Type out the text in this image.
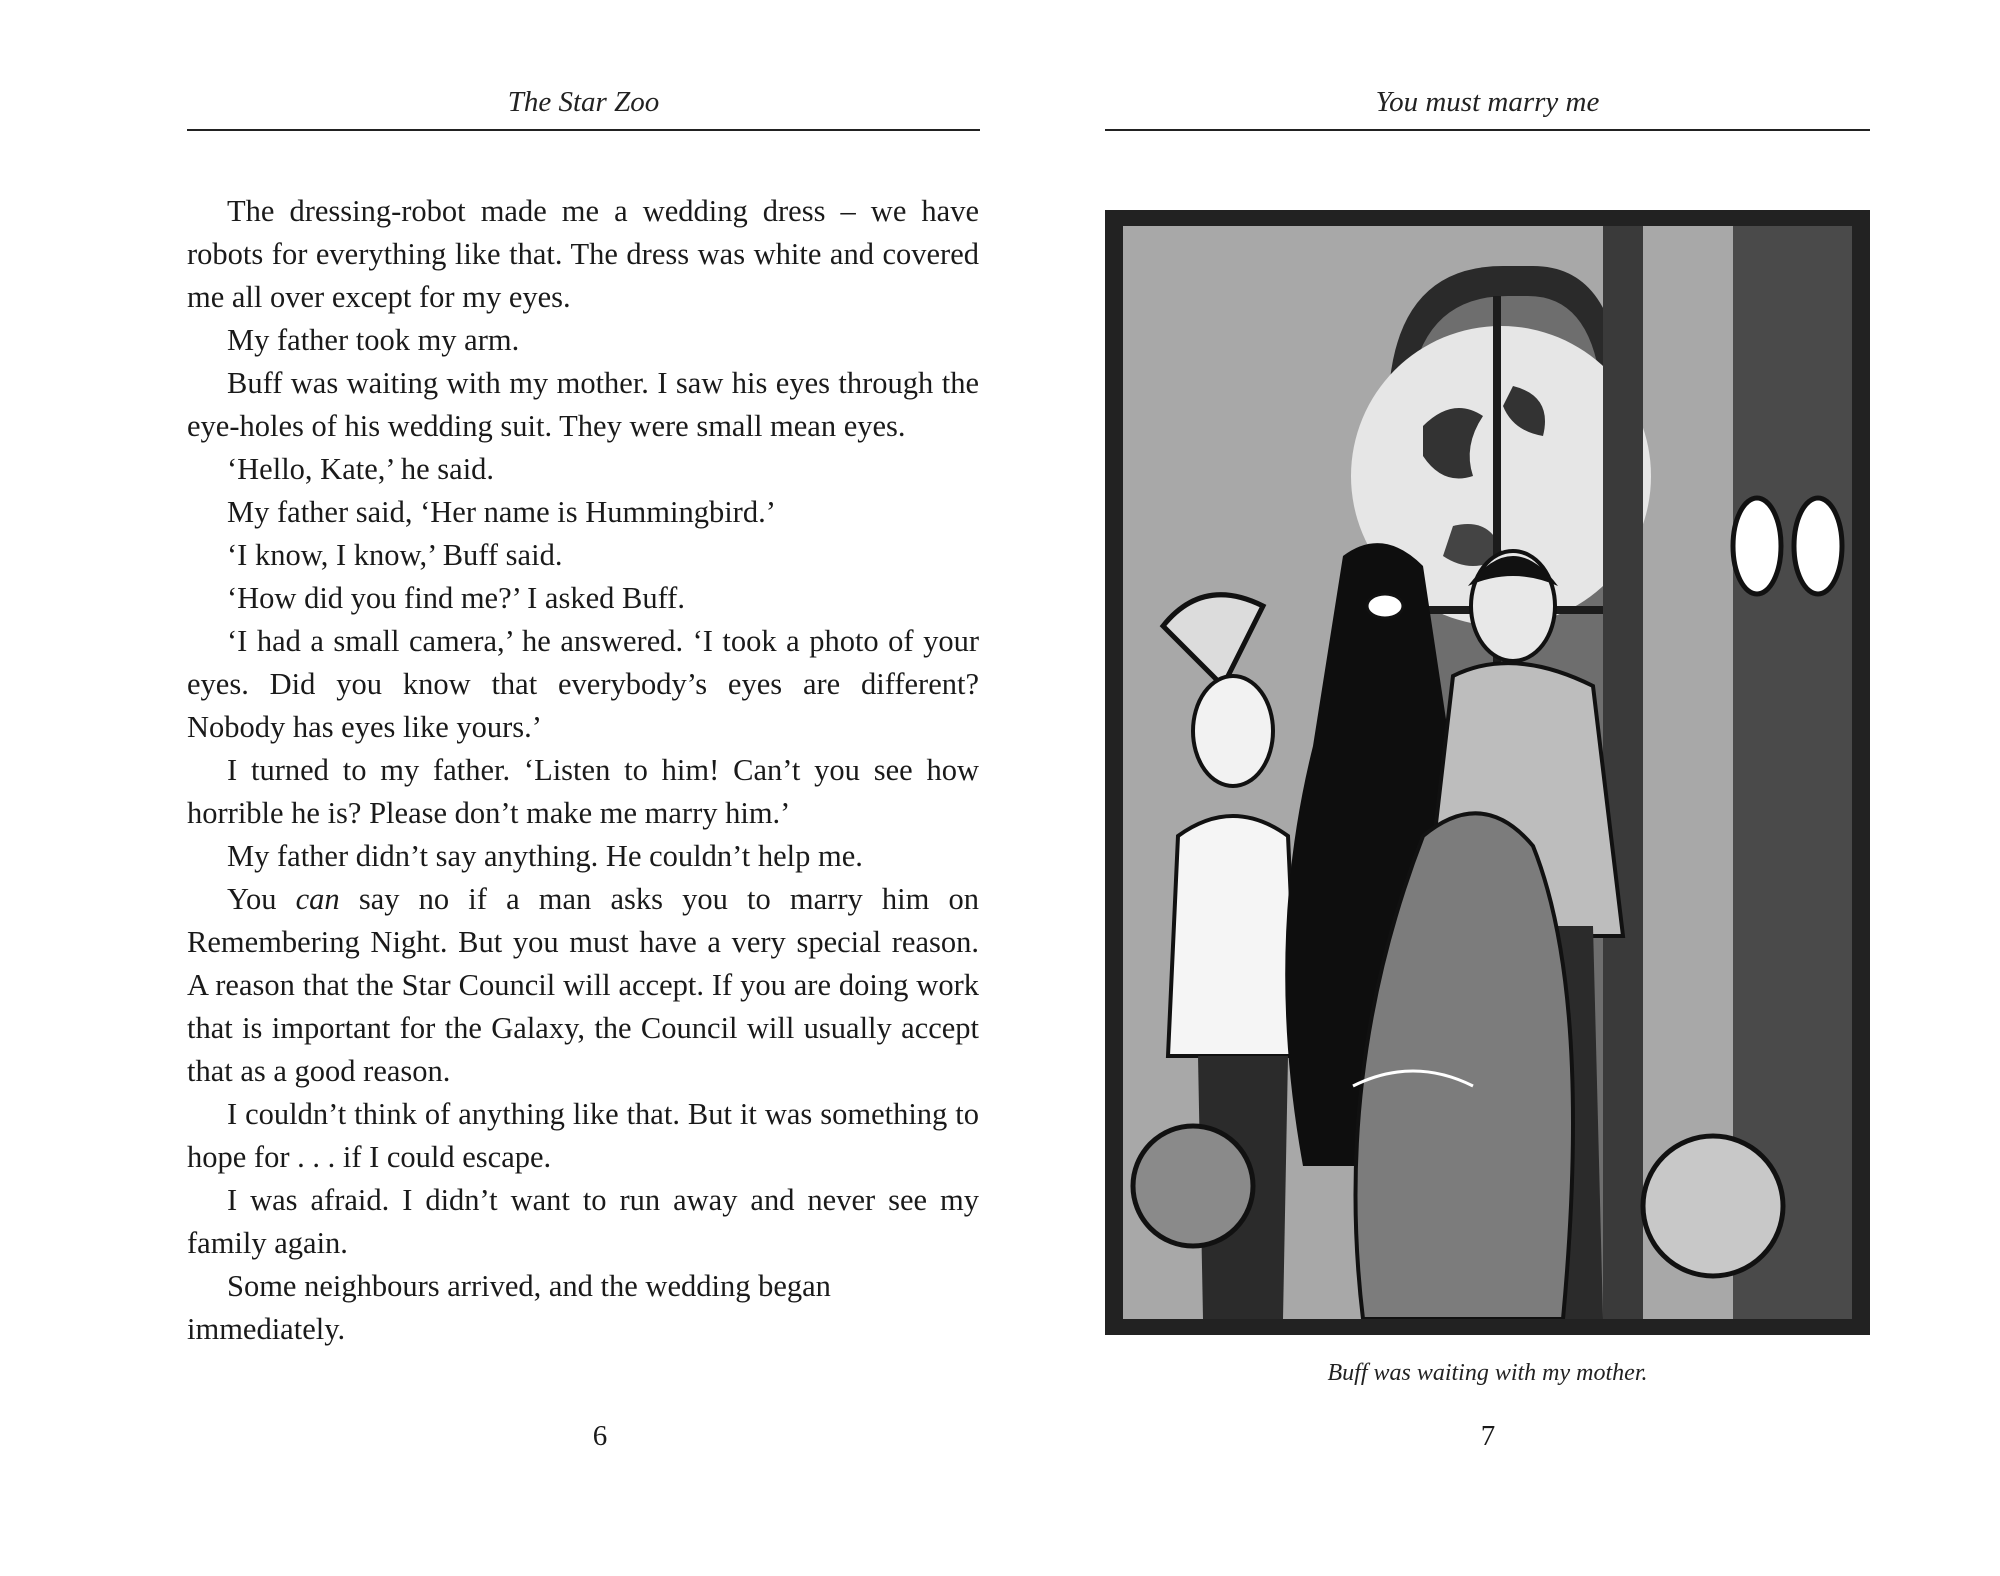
The Star Zoo

The dressing-robot made me a wedding dress – we have robots for everything like that. The dress was white and covered me all over except for my eyes.

My father took my arm.

Buff was waiting with my mother. I saw his eyes through the eye-holes of his wedding suit. They were small mean eyes.

‘Hello, Kate,’ he said.

My father said, ‘Her name is Hummingbird.’

‘I know, I know,’ Buff said.

‘How did you find me?’ I asked Buff.

‘I had a small camera,’ he answered. ‘I took a photo of your eyes. Did you know that everybody’s eyes are different? Nobody has eyes like yours.’

I turned to my father. ‘Listen to him! Can’t you see how horrible he is? Please don’t make me marry him.’

My father didn’t say anything. He couldn’t help me.

You can say no if a man asks you to marry him on Remembering Night. But you must have a very special reason. A reason that the Star Council will accept. If you are doing work that is important for the Galaxy, the Council will usually accept that as a good reason.

I couldn’t think of anything like that. But it was something to hope for . . . if I could escape.

I was afraid. I didn’t want to run away and never see my family again.

Some neighbours arrived, and the wedding began immediately.

6
You must marry me
Buff was waiting with my mother.
7
